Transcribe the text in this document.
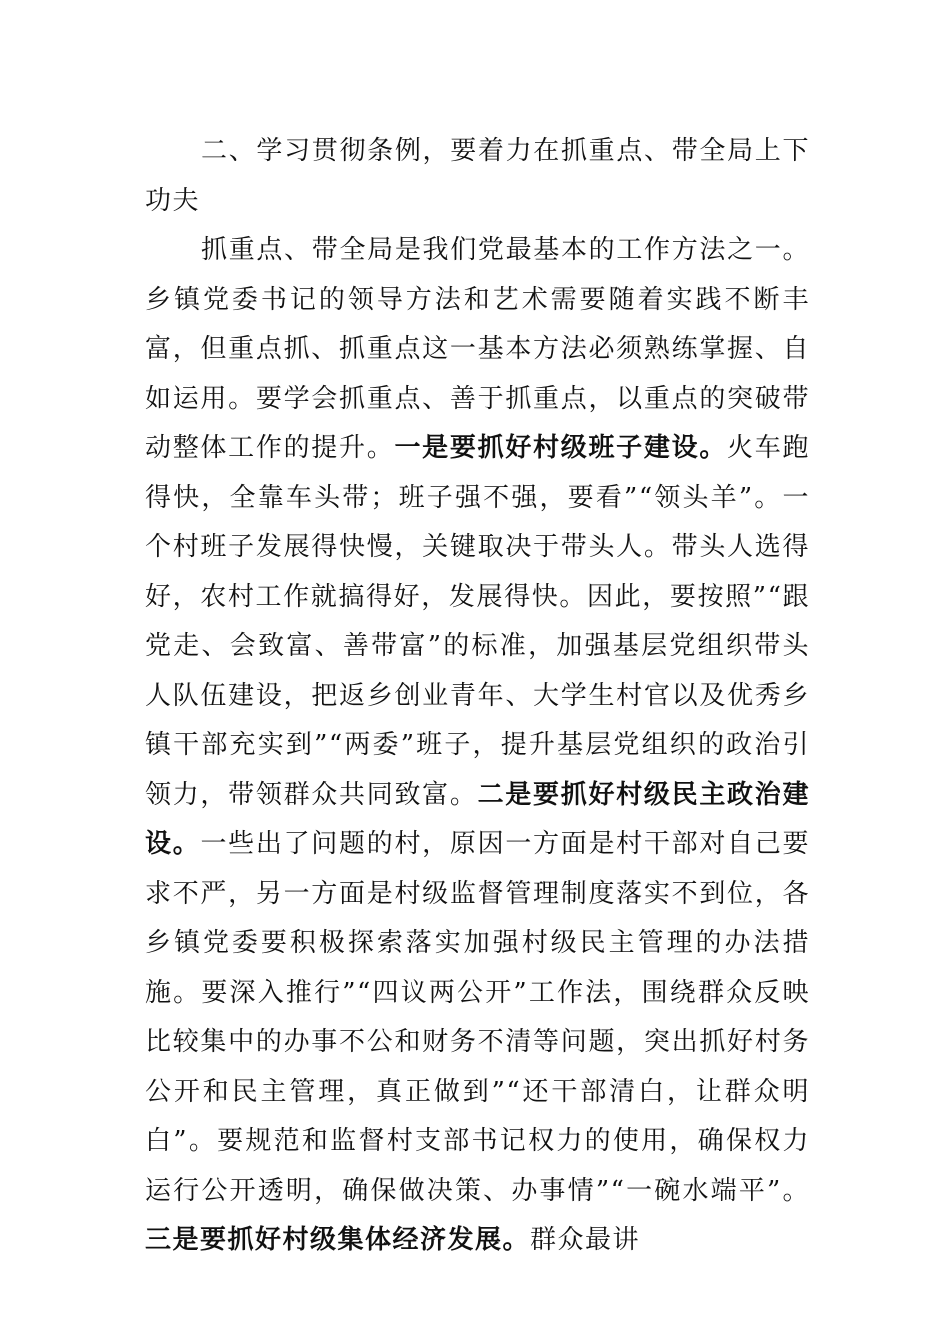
二、学习贯彻条例，要着力在抓重点、带全局上下功夫

抓重点、带全局是我们党最基本的工作方法之一。乡镇党委书记的领导方法和艺术需要随着实践不断丰富，但重点抓、抓重点这一基本方法必须熟练掌握、自如运用。要学会抓重点、善于抓重点，以重点的突破带动整体工作的提升。一是要抓好村级班子建设。火车跑得快，全靠车头带；班子强不强，要看”“领头羊”。一个村班子发展得快慢，关键取决于带头人。带头人选得好，农村工作就搞得好，发展得快。因此，要按照”“跟党走、会致富、善带富”的标准，加强基层党组织带头人队伍建设，把返乡创业青年、大学生村官以及优秀乡镇干部充实到”“两委”班子，提升基层党组织的政治引领力，带领群众共同致富。二是要抓好村级民主政治建设。一些出了问题的村，原因一方面是村干部对自己要求不严，另一方面是村级监督管理制度落实不到位，各乡镇党委要积极探索落实加强村级民主管理的办法措施。要深入推行”“四议两公开”工作法，围绕群众反映比较集中的办事不公和财务不清等问题，突出抓好村务公开和民主管理，真正做到”“还干部清白，让群众明白”。要规范和监督村支部书记权力的使用，确保权力运行公开透明，确保做决策、办事情”“一碗水端平”。三是要抓好村级集体经济发展。群众最讲
